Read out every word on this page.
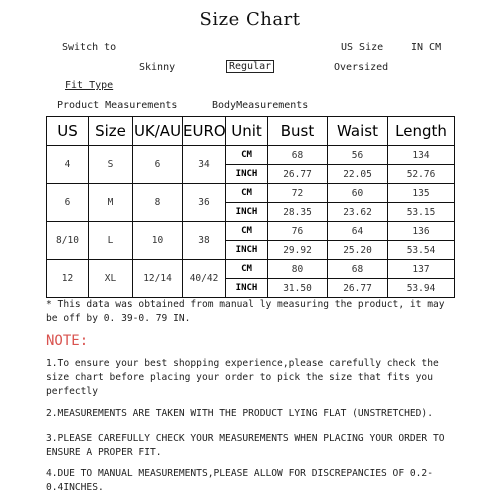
Size Chart
Switch to	US Size	IN CM
Skinny	Regular	Oversized
Fit Type
Product Measurements	BodyMeasurements
US	Size	UK/AU	EURO	Unit	Bust	Waist	Length
4	S	6	34	CM	68	56	134
				INCH	26.77	22.05	52.76
6	M	8	36	CM	72	60	135
				INCH	28.35	23.62	53.15
8/10	L	10	38	CM	76	64	136
				INCH	29.92	25.20	53.54
12	XL	12/14	40/42	CM	80	68	137
				INCH	31.50	26.77	53.94
* This data was obtained from manual ly measuring the product, it may be off by 0. 39-0. 79 IN.
NOTE:
1.To ensure your best shopping experience,please carefully check the size chart before placing your order to pick the size that fits you perfectly
2.MEASUREMENTS ARE TAKEN WITH THE PRODUCT LYING FLAT (UNSTRETCHED).
3.PLEASE CAREFULLY CHECK YOUR MEASUREMENTS WHEN PLACING YOUR ORDER TO ENSURE A PROPER FIT.
4.DUE TO MANUAL MEASUREMENTS,PLEASE ALLOW FOR DISCREPANCIES OF 0.2-0.4INCHES.
